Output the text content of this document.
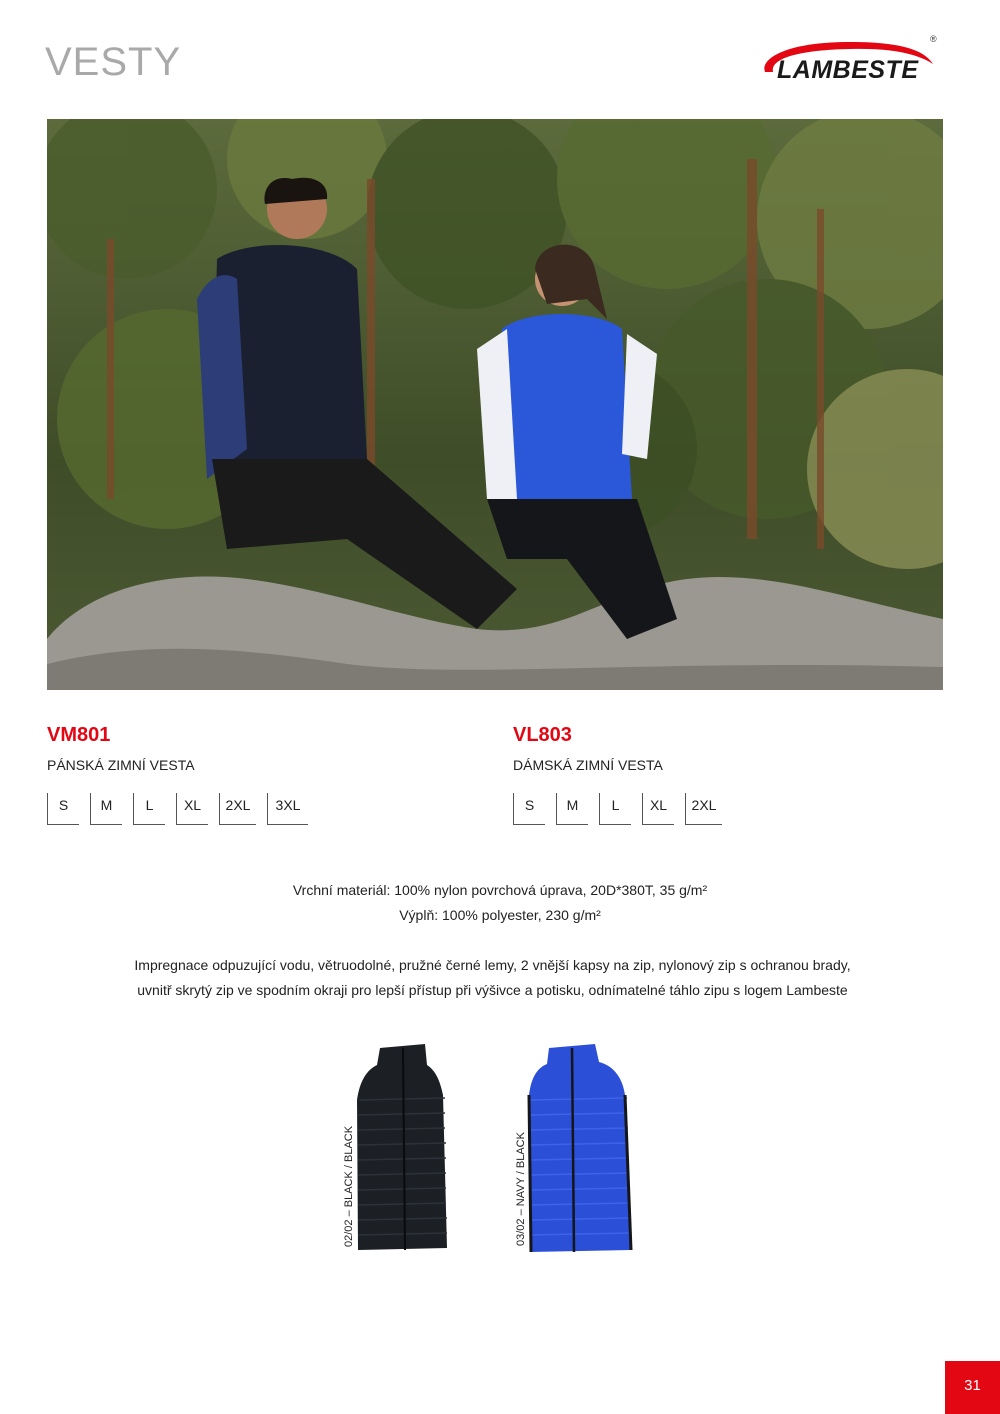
VESTY	LAMBESTE
®
VM801
PÁNSKÁ ZIMNÍ VESTA
S	M	L	XL	2XL	3XL
VL803
DÁMSKÁ ZIMNÍ VESTA
S	M	L	XL	2XL
Vrchní materiál: 100% nylon povrchová úprava, 20D*380T, 35 g/m²
Výplň: 100% polyester, 230 g/m²
Impregnace odpuzující vodu, větruodolné, pružné černé lemy, 2 vnější kapsy na zip, nylonový zip s ochranou brady,
uvnitř skrytý zip ve spodním okraji pro lepší přístup při výšivce a potisku, odnímatelné táhlo zipu s logem Lambeste
02/02 – BLACK / BLACK	03/02 – NAVY / BLACK
31
